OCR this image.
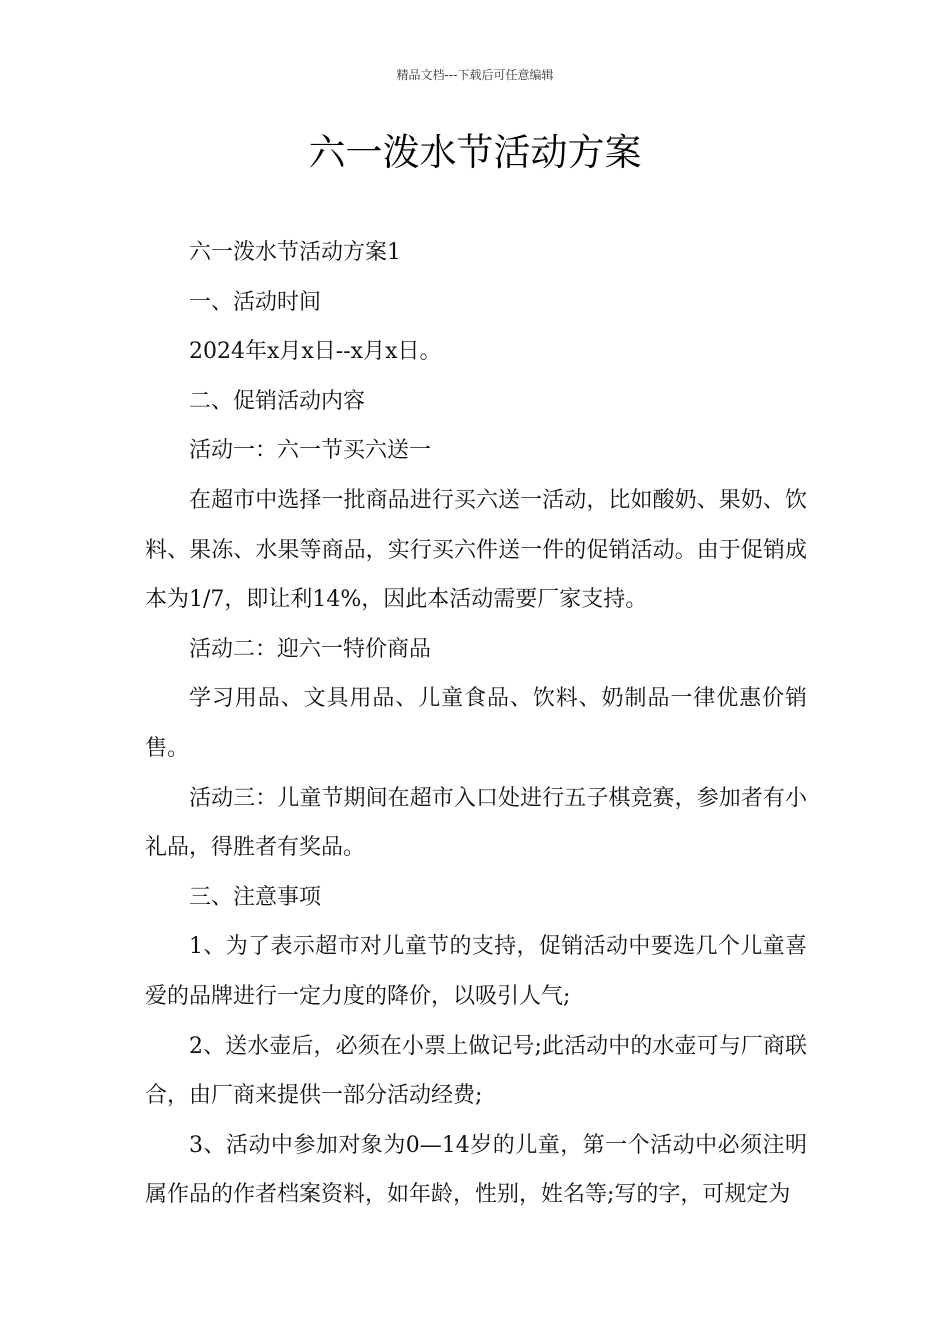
精品文档---下载后可任意编辑
六一泼水节活动方案

六一泼水节活动方案1

一、活动时间

2024年x月x日--x月x日。

二、促销活动内容

活动一：六一节买六送一

在超市中选择一批商品进行买六送一活动，比如酸奶、果奶、饮料、果冻、水果等商品，实行买六件送一件的促销活动。由于促销成本为1/7，即让利14%，因此本活动需要厂家支持。

活动二：迎六一特价商品

学习用品、文具用品、儿童食品、饮料、奶制品一律优惠价销售。

活动三：儿童节期间在超市入口处进行五子棋竞赛，参加者有小礼品，得胜者有奖品。

三、注意事项

1、为了表示超市对儿童节的支持，促销活动中要选几个儿童喜爱的品牌进行一定力度的降价，以吸引人气;

2、送水壶后，必须在小票上做记号;此活动中的水壶可与厂商联合，由厂商来提供一部分活动经费;

3、活动中参加对象为0—14岁的儿童，第一个活动中必须注明属作品的作者档案资料，如年龄，性别，姓名等;写的字，可规定为
